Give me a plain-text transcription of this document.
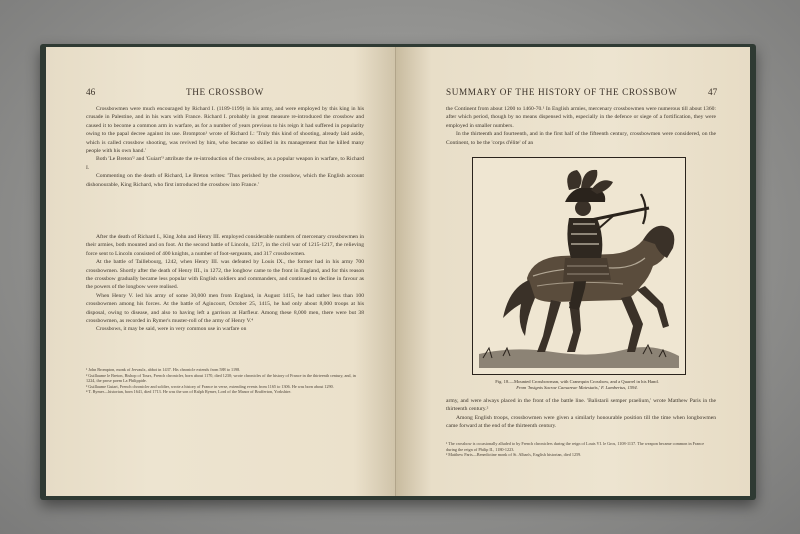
46	THE CROSSBOW

Crossbowmen were much encouraged by Richard I. (1189-1199) in his army, and were employed by this king in his crusade in Palestine, and in his wars with France. Richard I. probably in great measure re-introduced the crossbow and caused it to become a common arm in warfare, as for a number of years previous to his reign it had suffered in popularity owing to the papal decree against its use. Brompton¹ wrote of Richard I.: 'Truly this kind of shooting, already laid aside, which is called crossbow shooting, was revived by him, who became so skilled in its management that he killed many people with his own hand.'

Both 'Le Breton'² and 'Guiart'³ attribute the re-introduction of the crossbow, as a popular weapon in warfare, to Richard I.

Commenting on the death of Richard, Le Breton writes: 'Thus perished by the crossbow, which the English account dishonourable, King Richard, who first introduced the crossbow into France.'

After the death of Richard I., King John and Henry III. employed considerable numbers of mercenary crossbowmen in their armies, both mounted and on foot. At the second battle of Lincoln, 1217, in the civil war of 1215-1217, the relieving force sent to Lincoln consisted of 400 knights, a number of foot-sergeants, and 317 crossbowmen.

At the battle of Taillebourg, 1242, when Henry III. was defeated by Louis IX., the former had in his army 700 crossbowmen. Shortly after the death of Henry III., in 1272, the longbow came to the front in England, and for this reason the crossbow gradually became less popular with English soldiers and commanders, and continued to decline in favour as the powers of the longbow were realised.

When Henry V. led his army of some 30,000 men from England, in August 1415, he had rather less than 100 crossbowmen among his forces. At the battle of Agincourt, October 25, 1415, he had only about 8,000 troops at his disposal, owing to disease, and also to having left a garrison at Harfleur. Among these 8,000 men, there were but 38 crossbowmen, as recorded in Rymer's muster-roll of the army of Henry V.⁴

Crossbows, it may be said, were in very common use in warfare on

¹ John Brompton, monk of Jervaulx, abbot in 1437. His chronicle extends from 588 to 1198.

² Guillaume le Breton, Bishop of Tours, French chronicler, born about 1170, died 1230; wrote chronicles of the history of France in the thirteenth century, and, in 1224, the prose poem La Philippide.

³ Guillaume Guiart, French chronicler and soldier, wrote a history of France in verse, extending events from 1165 to 1306. He was born about 1290.

⁴ T. Rymer—historian, born 1641, died 1713. He was the son of Ralph Rymer, Lord of the Manor of Brafferton, Yorkshire.

SUMMARY OF THE HISTORY OF THE CROSSBOW	47

the Continent from about 1200 to 1460-70.¹ In English armies, mercenary crossbowmen were numerous till about 1360: after which period, though by no means dispensed with, especially in the defence or siege of a fortification, they were employed in smaller numbers.

In the thirteenth and fourteenth, and in the first half of the fifteenth century, crossbowmen were considered, on the Continent, to be the 'corps d'élite' of an

Fig. 18.—Mounted Crossbowman, with Cranequin Crossbow, and a Quarrel in his Hand.
From 'Insignis Sacrae Caesareae Maiestatis,' F. Lambertus, 1594.

army, and were always placed in the front of the battle line. 'Balistarii semper praelium,' wrote Matthew Paris in the thirteenth century.²

Among English troops, crossbowmen were given a similarly honourable position till the time when longbowmen came forward at the end of the thirteenth century.

¹ The crossbow is occasionally alluded to by French chroniclers during the reign of Louis VI. le Gros, 1108-1137. The weapon became common in France during the reign of Philip II., 1180-1223.

² Matthew Paris—Benedictine monk of St. Alban's, English historian, died 1259.
